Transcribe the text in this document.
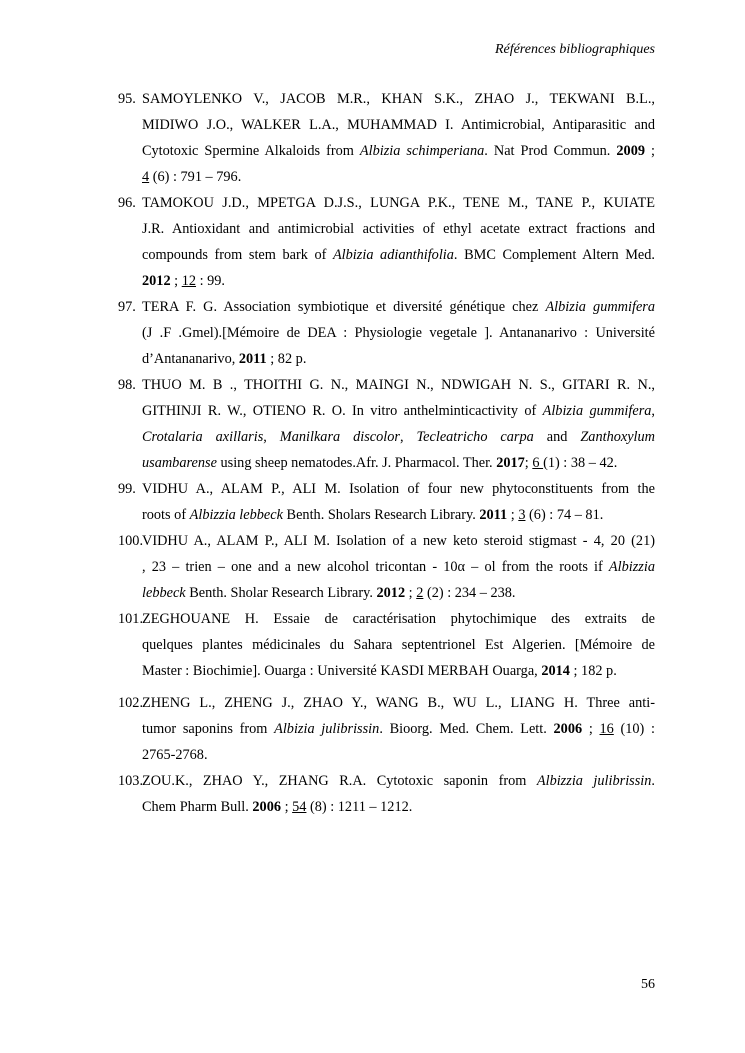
Références bibliographiques
95. SAMOYLENKO V., JACOB M.R., KHAN S.K., ZHAO J., TEKWANI B.L.,
MIDIWO J.O., WALKER L.A., MUHAMMAD I. Antimicrobial, Antiparasitic and
Cytotoxic Spermine Alkaloids from Albizia schimperiana. Nat Prod Commun. 2009 ;
4 (6) : 791 – 796.
96. TAMOKOU J.D., MPETGA D.J.S., LUNGA P.K., TENE M., TANE P., KUIATE
J.R. Antioxidant and antimicrobial activities of ethyl acetate extract fractions and
compounds from stem bark of Albizia adianthifolia. BMC Complement Altern Med.
2012 ; 12 : 99.
97. TERA F. G. Association symbiotique et diversité génétique chez Albizia gummifera
(J .F .Gmel).[Mémoire de DEA : Physiologie vegetale ]. Antananarivo : Université
d’Antananarivo, 2011 ; 82 p.
98. THUO M. B ., THOITHI G. N., MAINGI N., NDWIGAH N. S., GITARI R. N.,
GITHINJI R. W., OTIENO R. O. In vitro anthelminticactivity of Albizia gummifera,
Crotalaria axillaris, Manilkara discolor, Tecleatricho carpa and Zanthoxylum
usambarense using sheep nematodes.Afr. J. Pharmacol. Ther. 2017; 6 (1) : 38 – 42.
99. VIDHU A., ALAM P., ALI M. Isolation of four new phytoconstituents from the
roots of Albizzia lebbeck Benth. Sholars Research Library. 2011 ; 3 (6) : 74 – 81.
100.
VIDHU A., ALAM P., ALI M. Isolation of a new keto steroid stigmast - 4, 20 (21)
, 23 – trien – one and a new alcohol tricontan - 10α – ol from the roots if Albizzia
lebbeck Benth. Sholar Research Library. 2012 ; 2 (2) : 234 – 238.
101.
ZEGHOUANE H. Essaie de caractérisation phytochimique des extraits de
quelques plantes médicinales du Sahara septentrionel Est Algerien. [Mémoire de
Master : Biochimie]. Ouarga : Université KASDI MERBAH Ouarga, 2014 ; 182 p.
102.
ZHENG L., ZHENG J., ZHAO Y., WANG B., WU L., LIANG H. Three anti-
tumor saponins from Albizia julibrissin. Bioorg. Med. Chem. Lett. 2006 ; 16 (10) :
2765-2768.
103.
ZOU.K., ZHAO Y., ZHANG R.A. Cytotoxic saponin from Albizzia julibrissin.
Chem Pharm Bull. 2006 ; 54 (8) : 1211 – 1212.
56
